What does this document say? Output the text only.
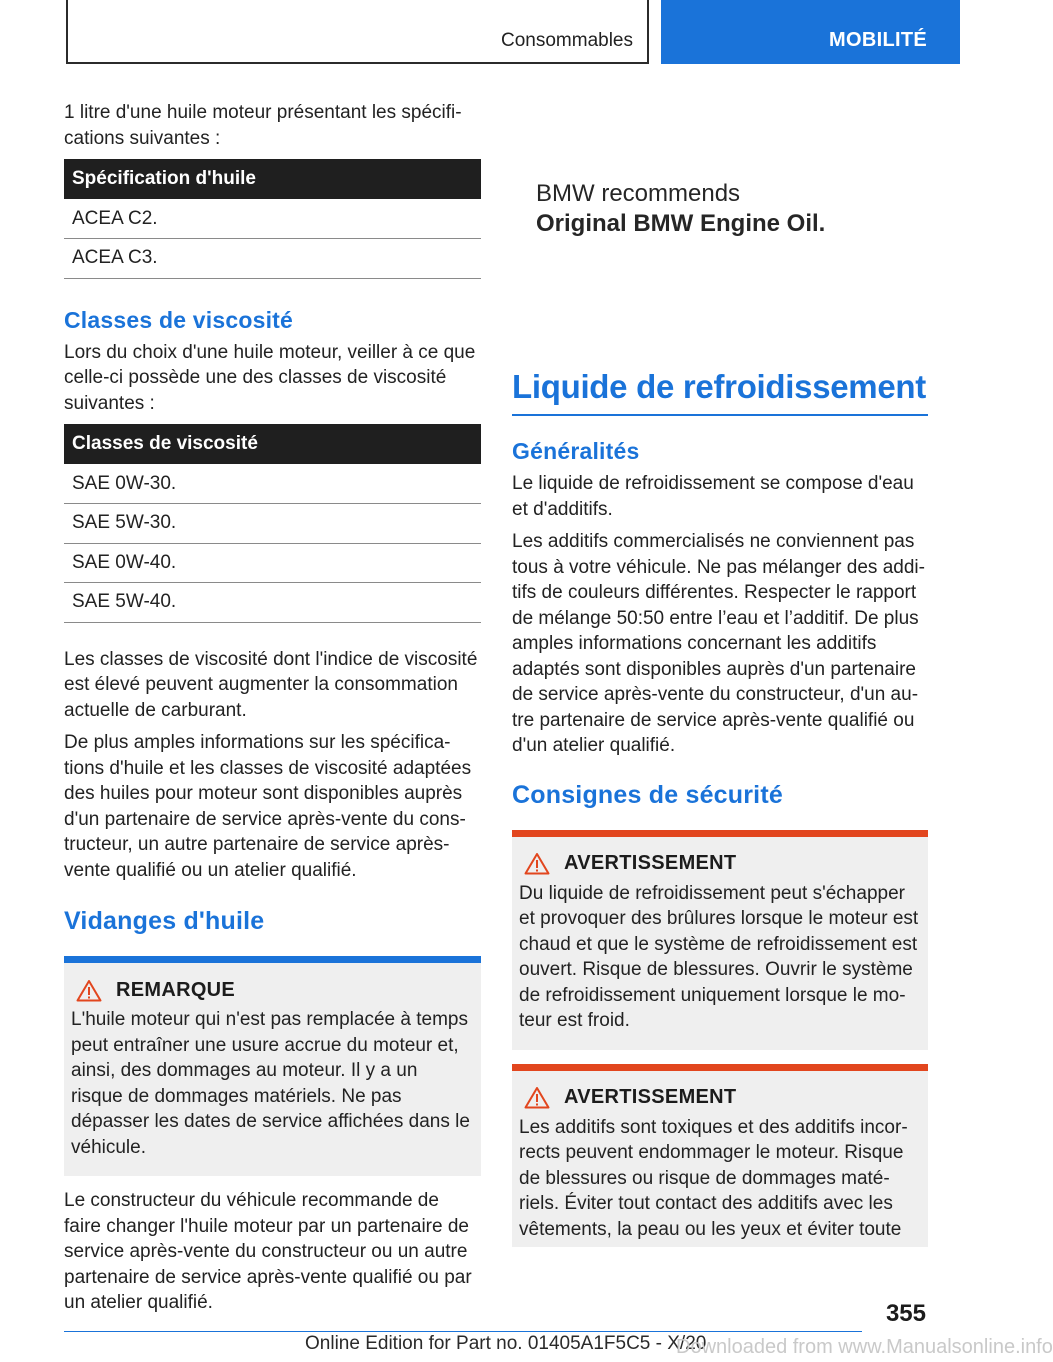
Consommables	MOBILITÉ

1 litre d'une huile moteur présentant les spécifi-cations suivantes :

Spécification d'huile
ACEA C2.
ACEA C3.
Classes de viscosité

Lors du choix d'une huile moteur, veiller à ce que celle-ci possède une des classes de viscosité suivantes :

Classes de viscosité
SAE 0W-30.
SAE 5W-30.
SAE 0W-40.
SAE 5W-40.

Les classes de viscosité dont l'indice de viscosité est élevé peuvent augmenter la consommation actuelle de carburant.

De plus amples informations sur les spécifica-tions d'huile et les classes de viscosité adaptées des huiles pour moteur sont disponibles auprès d'un partenaire de service après-vente du cons-tructeur, un autre partenaire de service après-vente qualifié ou un atelier qualifié.

Vidanges d'huile
REMARQUE

L'huile moteur qui n'est pas remplacée à temps peut entraîner une usure accrue du moteur et, ainsi, des dommages au moteur. Il y a un risque de dommages matériels. Ne pas dépasser les dates de service affichées dans le véhicule.

Le constructeur du véhicule recommande de faire changer l'huile moteur par un partenaire de service après-vente du constructeur ou un autre partenaire de service après-vente qualifié ou par un atelier qualifié.

BMW recommends
Original BMW Engine Oil.
Liquide de refroidissement
Généralités

Le liquide de refroidissement se compose d'eau et d'additifs.

Les additifs commercialisés ne conviennent pas tous à votre véhicule. Ne pas mélanger des addi-tifs de couleurs différentes. Respecter le rapport de mélange 50:50 entre l’eau et l’additif. De plus amples informations concernant les additifs adaptés sont disponibles auprès d'un partenaire de service après-vente du constructeur, d'un au-tre partenaire de service après-vente qualifié ou d'un atelier qualifié.

Consignes de sécurité
AVERTISSEMENT

Du liquide de refroidissement peut s'échapper et provoquer des brûlures lorsque le moteur est chaud et que le système de refroidissement est ouvert. Risque de blessures. Ouvrir le système de refroidissement uniquement lorsque le mo-teur est froid.

AVERTISSEMENT

Les additifs sont toxiques et des additifs incor-rects peuvent endommager le moteur. Risque de blessures ou risque de dommages maté-riels. Éviter tout contact des additifs avec les vêtements, la peau ou les yeux et éviter toute

355
Online Edition for Part no. 01405A1F5C5 - X/20
Downloaded from www.Manualsonline.info
